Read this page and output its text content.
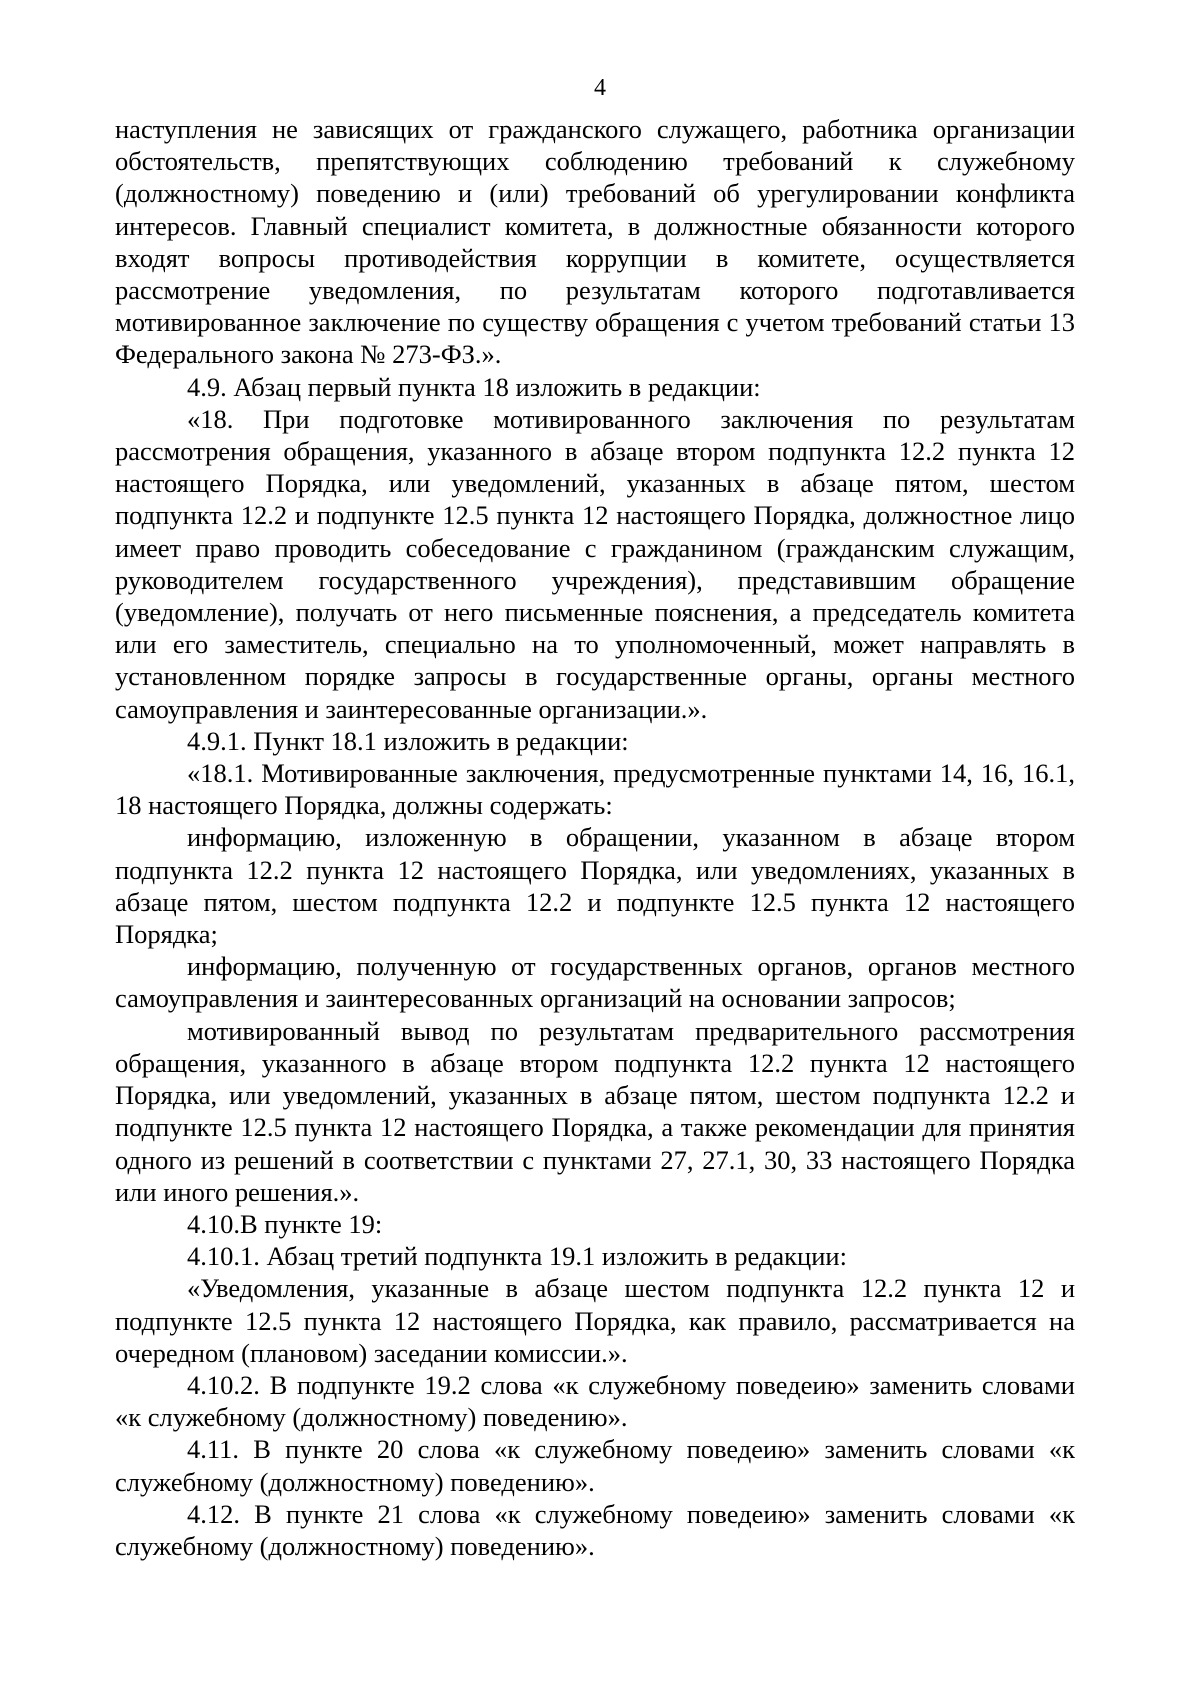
4

наступления не зависящих от гражданского служащего, работника организации обстоятельств, препятствующих соблюдению требований к служебному (должностному) поведению и (или) требований об урегулировании конфликта интересов. Главный специалист комитета, в должностные обязанности которого входят вопросы противодействия коррупции в комитете, осуществляется рассмотрение уведомления, по результатам которого подготавливается мотивированное заключение по существу обращения с учетом требований статьи 13 Федерального закона № 273-ФЗ.».

4.9. Абзац первый пункта 18 изложить в редакции:

«18. При подготовке мотивированного заключения по результатам рассмотрения обращения, указанного в абзаце втором подпункта 12.2 пункта 12 настоящего Порядка, или уведомлений, указанных в абзаце пятом, шестом подпункта 12.2 и подпункте 12.5 пункта 12 настоящего Порядка, должностное лицо имеет право проводить собеседование с гражданином (гражданским служащим, руководителем государственного учреждения), представившим обращение (уведомление), получать от него письменные пояснения, а председатель комитета или его заместитель, специально на то уполномоченный, может направлять в установленном порядке запросы в государственные органы, органы местного самоуправления и заинтересованные организации.».

4.9.1. Пункт 18.1 изложить в редакции:

«18.1. Мотивированные заключения, предусмотренные пунктами 14, 16, 16.1, 18 настоящего Порядка, должны содержать:

информацию, изложенную в обращении, указанном в абзаце втором подпункта 12.2 пункта 12 настоящего Порядка, или уведомлениях, указанных в абзаце пятом, шестом подпункта 12.2 и подпункте 12.5 пункта 12 настоящего Порядка;

информацию, полученную от государственных органов, органов местного самоуправления и заинтересованных организаций на основании запросов;

мотивированный вывод по результатам предварительного рассмотрения обращения, указанного в абзаце втором подпункта 12.2 пункта 12 настоящего Порядка, или уведомлений, указанных в абзаце пятом, шестом подпункта 12.2 и подпункте 12.5 пункта 12 настоящего Порядка, а также рекомендации для принятия одного из решений в соответствии с пунктами 27, 27.1, 30, 33 настоящего Порядка или иного решения.».

4.10.В пункте 19:

4.10.1. Абзац третий подпункта 19.1 изложить в редакции:

«Уведомления, указанные в абзаце шестом подпункта 12.2 пункта 12 и подпункте 12.5 пункта 12 настоящего Порядка, как правило, рассматривается на очередном (плановом) заседании комиссии.».

4.10.2. В подпункте 19.2 слова «к служебному поведеию» заменить словами «к служебному (должностному) поведению».

4.11. В пункте 20 слова «к служебному поведеию» заменить словами «к служебному (должностному) поведению».

4.12. В пункте 21 слова «к служебному поведеию» заменить словами «к служебному (должностному) поведению».
